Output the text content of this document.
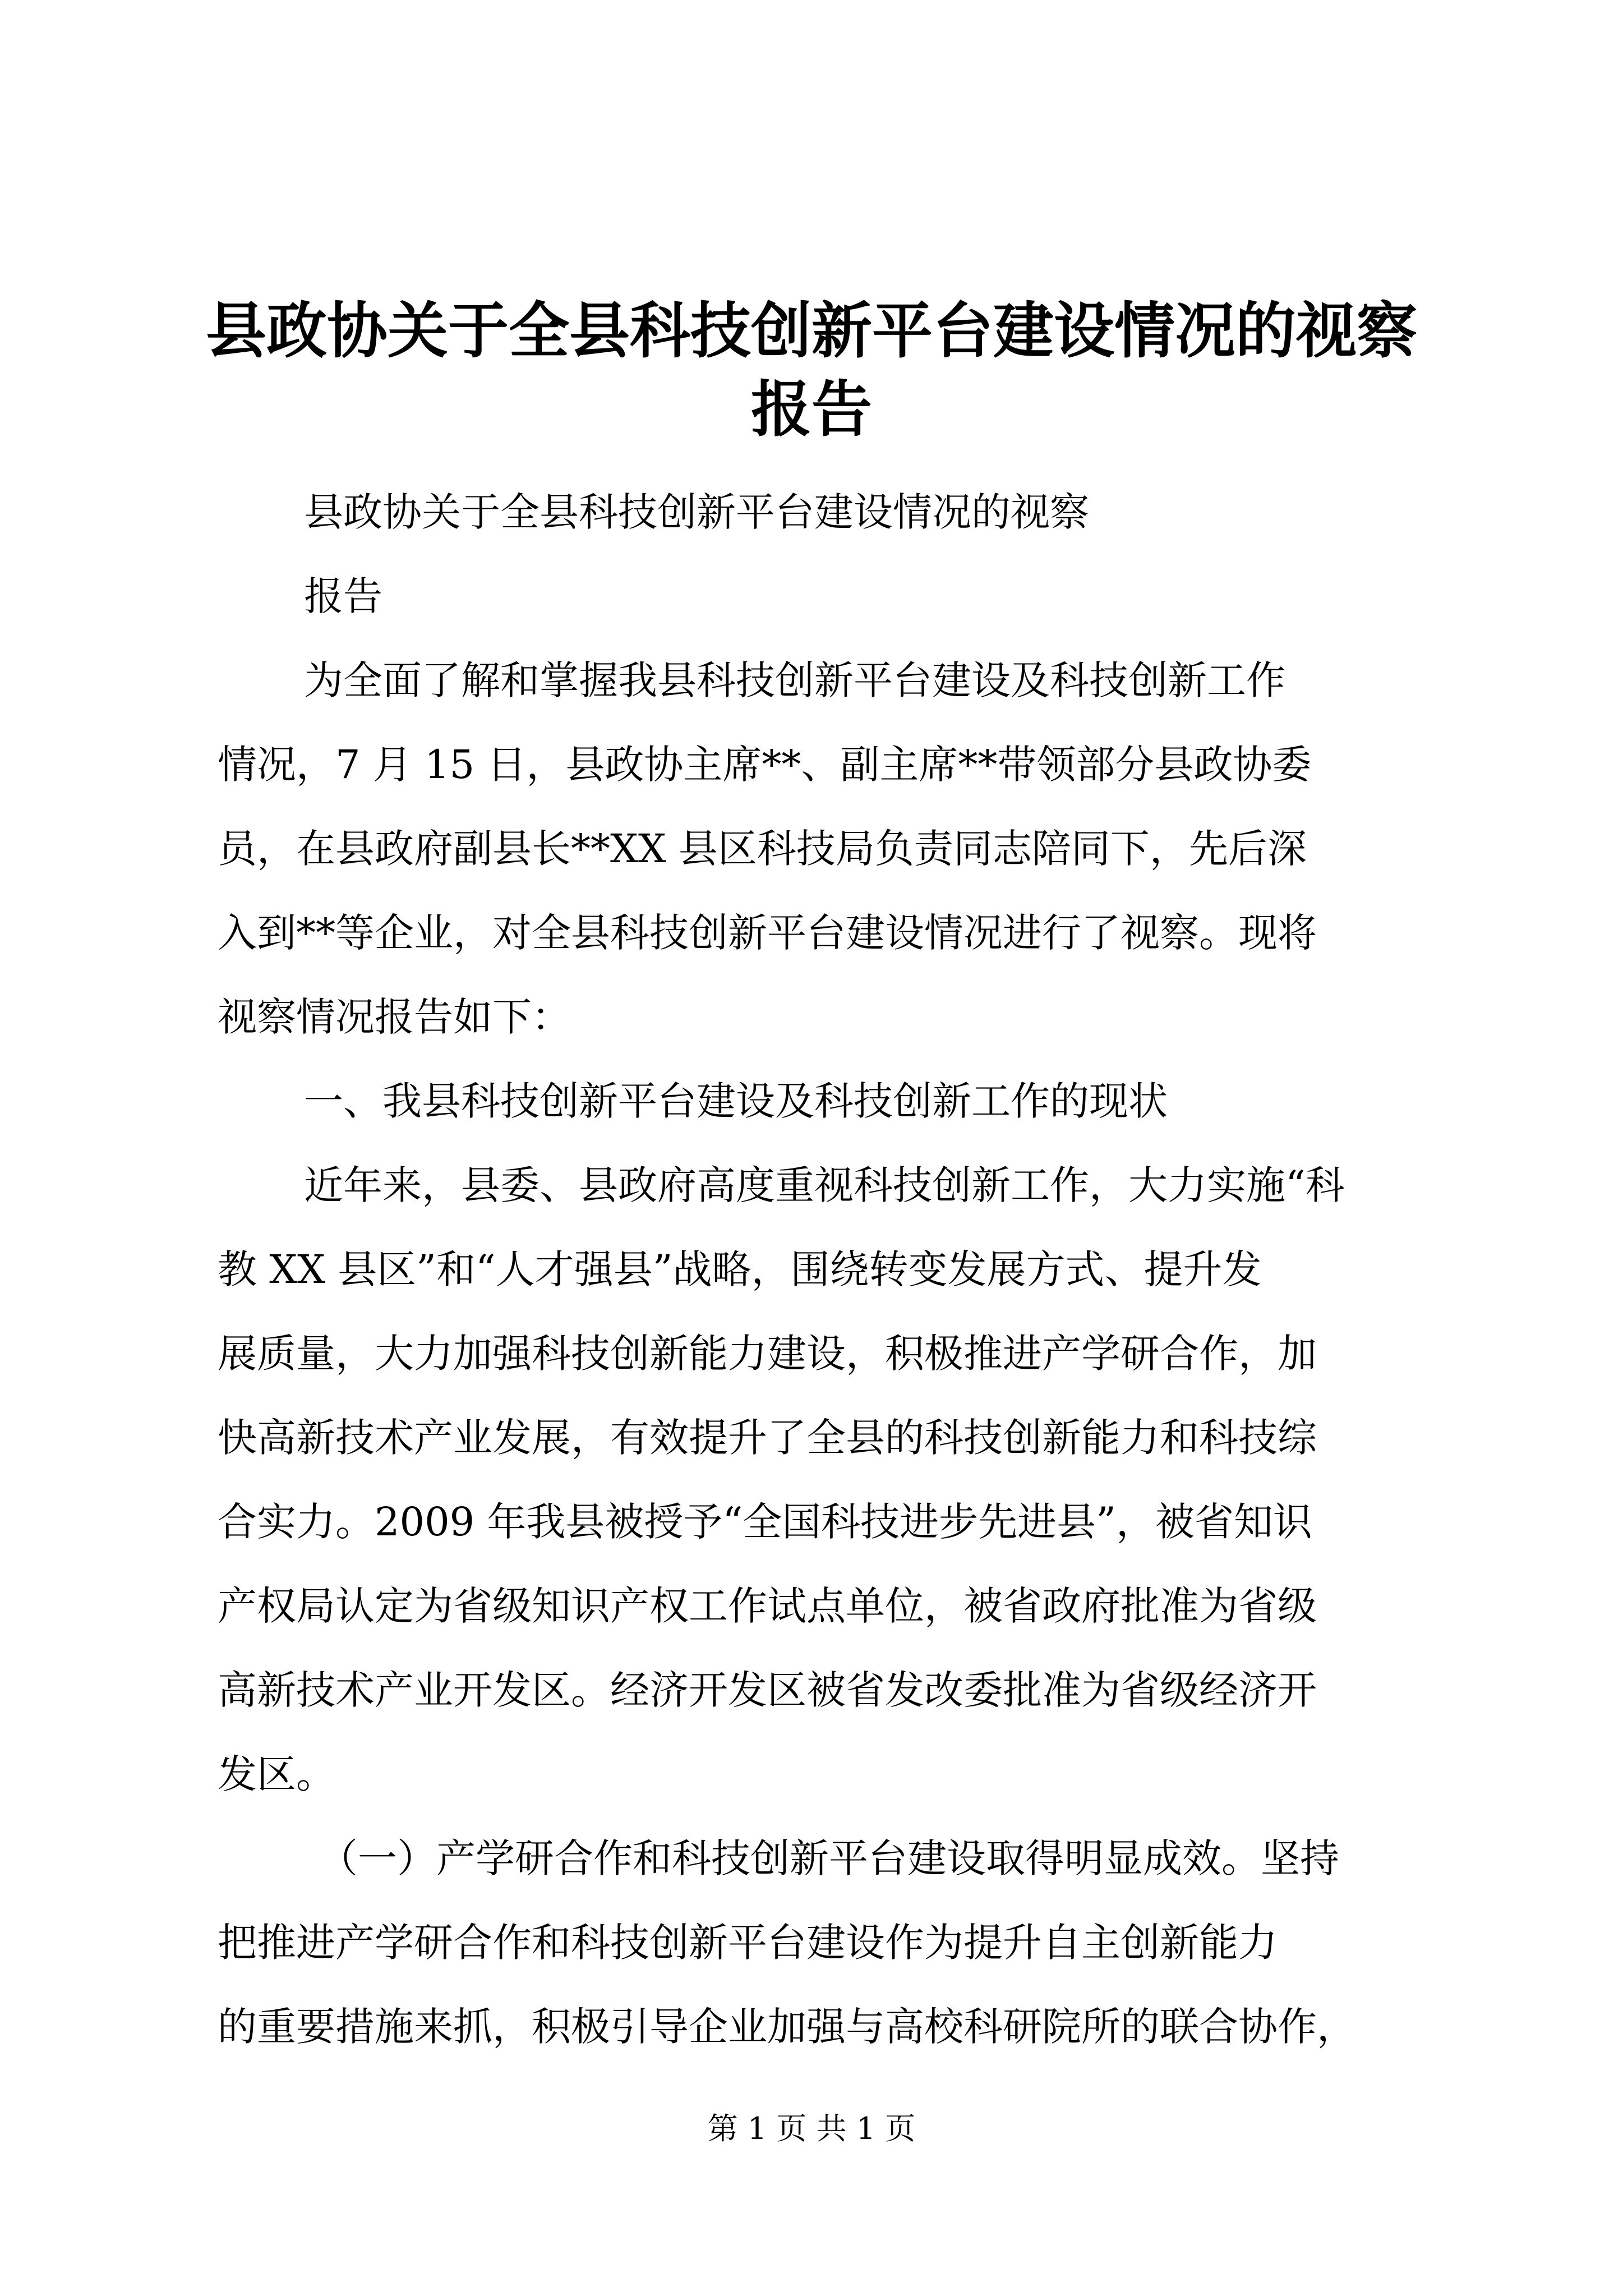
县政协关于全县科技创新平台建设情况的视察
报告
县政协关于全县科技创新平台建设情况的视察
报告
为全面了解和掌握我县科技创新平台建设及科技创新工作
情况，7 月 15 日，县政协主席**、副主席**带领部分县政协委
员，在县政府副县长**XX 县区科技局负责同志陪同下，先后深
入到**等企业，对全县科技创新平台建设情况进行了视察。现将
视察情况报告如下：
一、我县科技创新平台建设及科技创新工作的现状
近年来，县委、县政府高度重视科技创新工作，大力实施“科
教 XX 县区”和“人才强县”战略，围绕转变发展方式、提升发
展质量，大力加强科技创新能力建设，积极推进产学研合作，加
快高新技术产业发展，有效提升了全县的科技创新能力和科技综
合实力。2009 年我县被授予“全国科技进步先进县”，被省知识
产权局认定为省级知识产权工作试点单位，被省政府批准为省级
高新技术产业开发区。经济开发区被省发改委批准为省级经济开
发区。
（一）产学研合作和科技创新平台建设取得明显成效。坚持
把推进产学研合作和科技创新平台建设作为提升自主创新能力
的重要措施来抓，积极引导企业加强与高校科研院所的联合协作，
第 1 页 共 1 页
